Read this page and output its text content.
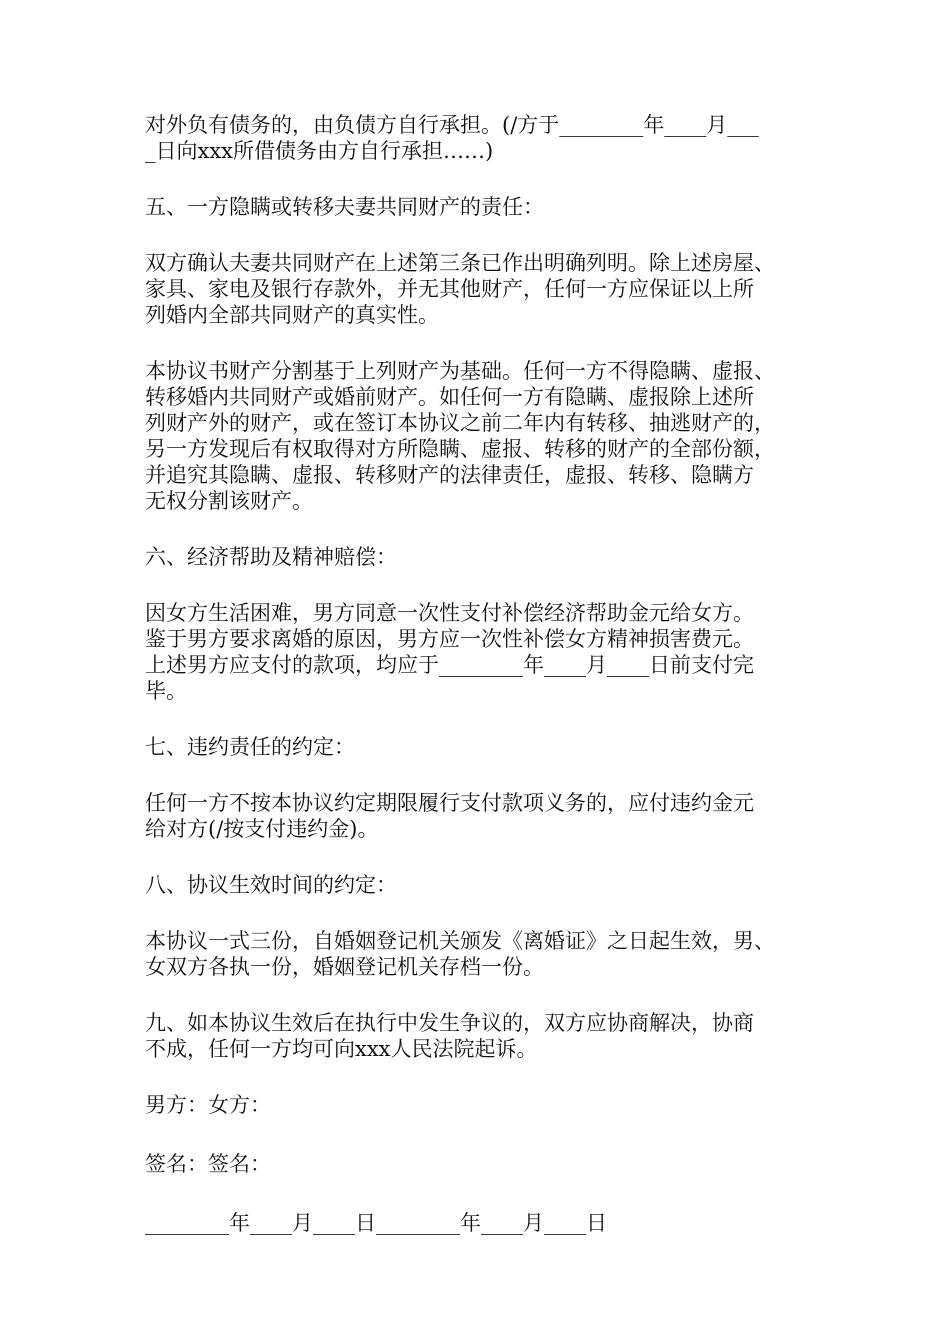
对外负有债务的，由负债方自行承担。(/方于________年____月___
_日向xxx所借债务由方自行承担……)

五、一方隐瞒或转移夫妻共同财产的责任：

双方确认夫妻共同财产在上述第三条已作出明确列明。除上述房屋、
家具、家电及银行存款外，并无其他财产，任何一方应保证以上所
列婚内全部共同财产的真实性。

本协议书财产分割基于上列财产为基础。任何一方不得隐瞒、虚报、
转移婚内共同财产或婚前财产。如任何一方有隐瞒、虚报除上述所
列财产外的财产，或在签订本协议之前二年内有转移、抽逃财产的，
另一方发现后有权取得对方所隐瞒、虚报、转移的财产的全部份额，
并追究其隐瞒、虚报、转移财产的法律责任，虚报、转移、隐瞒方
无权分割该财产。

六、经济帮助及精神赔偿：

因女方生活困难，男方同意一次性支付补偿经济帮助金元给女方。
鉴于男方要求离婚的原因，男方应一次性补偿女方精神损害费元。
上述男方应支付的款项，均应于________年____月____日前支付完
毕。

七、违约责任的约定：

任何一方不按本协议约定期限履行支付款项义务的，应付违约金元
给对方(/按支付违约金)。

八、协议生效时间的约定：

本协议一式三份，自婚姻登记机关颁发《离婚证》之日起生效，男、
女双方各执一份，婚姻登记机关存档一份。

九、如本协议生效后在执行中发生争议的，双方应协商解决，协商
不成，任何一方均可向xxx人民法院起诉。

男方：女方：

签名：签名：

________年____月____日________年____月____日
